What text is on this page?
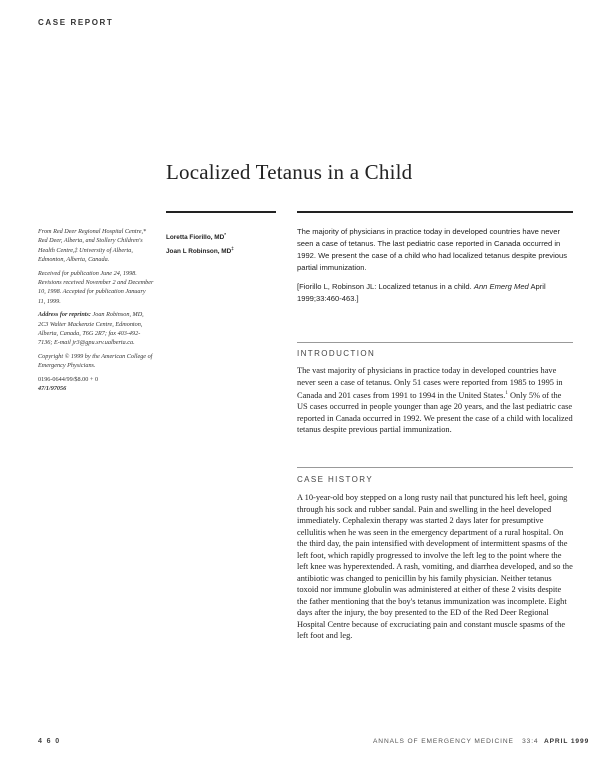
CASE REPORT
Localized Tetanus in a Child
Loretta Fiorillo, MD*
Joan L Robinson, MD‡

From Red Deer Regional Hospital Centre,* Red Deer, Alberta, and Stollery Children's Health Centre,‡ University of Alberta, Edmonton, Alberta, Canada.

Received for publication June 24, 1998. Revisions received November 2 and December 10, 1998. Accepted for publication January 11, 1999.

Address for reprints: Joan Robinson, MD, 2C3 Walter Mackenzie Centre, Edmonton, Alberta, Canada, T6G 2R7; fax 403-492-7136; E-mail jr3@gpu.srv.ualberta.ca.

Copyright © 1999 by the American College of Emergency Physicians.

0196-0644/99/$8.00 + 0
47/1/97056

The majority of physicians in practice today in developed countries have never seen a case of tetanus. The last pediatric case reported in Canada occurred in 1992. We present the case of a child who had localized tetanus despite previous partial immunization.

[Fiorillo L, Robinson JL: Localized tetanus in a child. Ann Emerg Med April 1999;33:460-463.]

INTRODUCTION
The vast majority of physicians in practice today in developed countries have never seen a case of tetanus. Only 51 cases were reported from 1985 to 1995 in Canada and 201 cases from 1991 to 1994 in the United States.$^1$ Only 5% of the US cases occurred in people younger than age 20 years, and the last pediatric case reported in Canada occurred in 1992. We present the case of a child with localized tetanus despite previous partial immunization.
CASE HISTORY
A 10-year-old boy stepped on a long rusty nail that punctured his left heel, going through his sock and rubber sandal. Pain and swelling in the heel developed immediately. Cephalexin therapy was started 2 days later for presumptive cellulitis when he was seen in the emergency department of a rural hospital. On the third day, the pain intensified with development of intermittent spasms of the left foot, which rapidly progressed to involve the left leg to the point where the left knee was hyperextended. A rash, vomiting, and diarrhea developed, and so the antibiotic was changed to penicillin by his family physician. Neither tetanus toxoid nor immune globulin was administered at either of these 2 visits despite the father mentioning that the boy's tetanus immunization was incomplete. Eight days after the injury, the boy presented to the ED of the Red Deer Regional Hospital Centre because of excruciating pain and constant muscle spasms of the left foot and leg.
4 6 0	ANNALS OF EMERGENCY MEDICINE 33:4 APRIL 1999
